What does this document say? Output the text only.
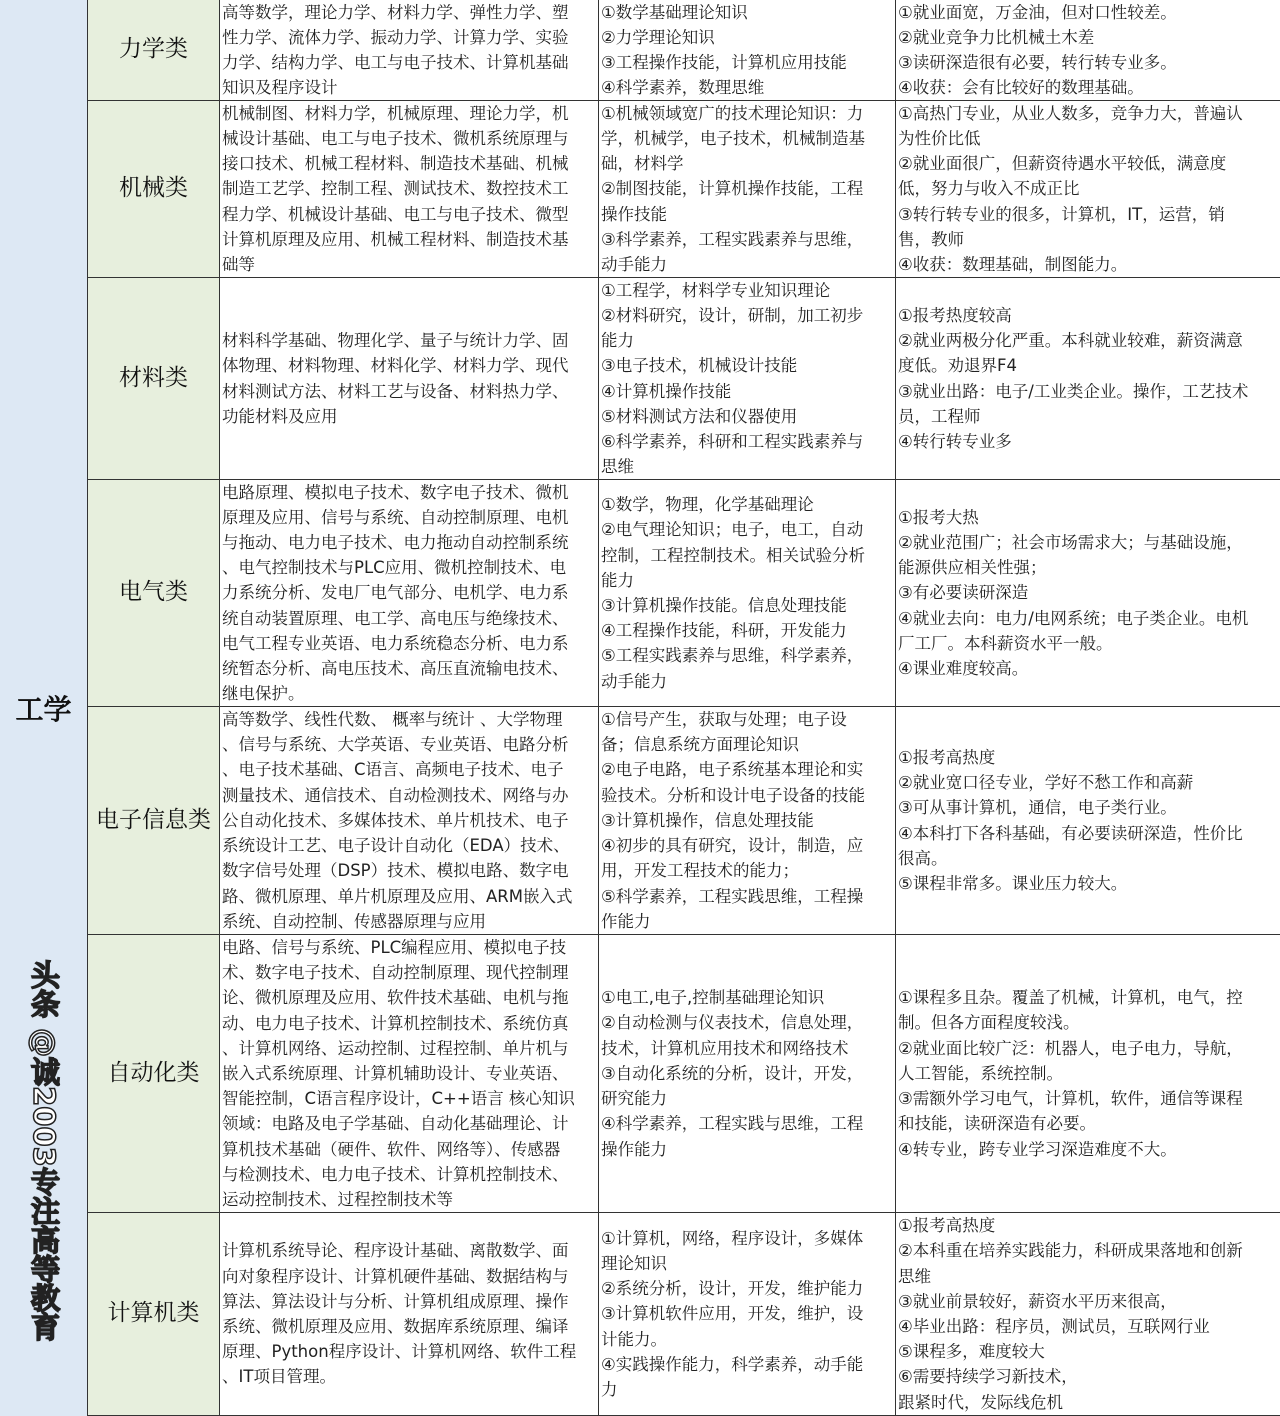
工学
力学类
高等数学，理论力学、材料力学、弹性力学、塑
性力学、流体力学、振动力学、计算力学、实验
力学、结构力学、电工与电子技术、计算机基础
知识及程序设计
①数学基础理论知识
②力学理论知识
③工程操作技能，计算机应用技能
④科学素养，数理思维
①就业面宽，万金油，但对口性较差。
②就业竞争力比机械土木差
③读研深造很有必要，转行转专业多。
④收获：会有比较好的数理基础。
机械类
机械制图、材料力学，机械原理、理论力学，机
械设计基础、电工与电子技术、微机系统原理与
接口技术、机械工程材料、制造技术基础、机械
制造工艺学、控制工程、测试技术、数控技术工
程力学、机械设计基础、电工与电子技术、微型
计算机原理及应用、机械工程材料、制造技术基
础等
①机械领域宽广的技术理论知识：力
学，机械学，电子技术，机械制造基
础，材料学
②制图技能，计算机操作技能，工程
操作技能
③科学素养，工程实践素养与思维，
动手能力
①高热门专业，从业人数多，竞争力大，普遍认
为性价比低
②就业面很广，但薪资待遇水平较低，满意度
低，努力与收入不成正比
③转行转专业的很多，计算机，IT，运营，销
售，教师
④收获：数理基础，制图能力。
材料类
材料科学基础、物理化学、量子与统计力学、固
体物理、材料物理、材料化学、材料力学、现代
材料测试方法、材料工艺与设备、材料热力学、
功能材料及应用
①工程学，材料学专业知识理论
②材料研究，设计，研制，加工初步
能力
③电子技术，机械设计技能
④计算机操作技能
⑤材料测试方法和仪器使用
⑥科学素养，科研和工程实践素养与
思维
①报考热度较高
②就业两极分化严重。本科就业较难，薪资满意
度低。劝退界F4
③就业出路：电子/工业类企业。操作，工艺技术
员，工程师
④转行转专业多
电气类
电路原理、模拟电子技术、数字电子技术、微机
原理及应用、信号与系统、自动控制原理、电机
与拖动、电力电子技术、电力拖动自动控制系统
、电气控制技术与PLC应用、微机控制技术、电
力系统分析、发电厂电气部分、电机学、电力系
统自动装置原理、电工学、高电压与绝缘技术、
电气工程专业英语、电力系统稳态分析、电力系
统暂态分析、高电压技术、高压直流输电技术、
继电保护。
①数学，物理，化学基础理论
②电气理论知识；电子，电工，自动
控制，工程控制技术。相关试验分析
能力
③计算机操作技能。信息处理技能
④工程操作技能，科研，开发能力
⑤工程实践素养与思维，科学素养，
动手能力
①报考大热
②就业范围广；社会市场需求大；与基础设施，
能源供应相关性强；
③有必要读研深造
④就业去向：电力/电网系统；电子类企业。电机
厂工厂。本科薪资水平一般。
④课业难度较高。
电子信息类
高等数学、线性代数、 概率与统计 、大学物理
、信号与系统、大学英语、专业英语、电路分析
、电子技术基础、C语言、高频电子技术、电子
测量技术、通信技术、自动检测技术、网络与办
公自动化技术、多媒体技术、单片机技术、电子
系统设计工艺、电子设计自动化（EDA）技术、
数字信号处理（DSP）技术、模拟电路、数字电
路、微机原理、单片机原理及应用、ARM嵌入式
系统、自动控制、传感器原理与应用
①信号产生，获取与处理；电子设
备；信息系统方面理论知识
②电子电路，电子系统基本理论和实
验技术。分析和设计电子设备的技能
③计算机操作，信息处理技能
④初步的具有研究，设计，制造，应
用，开发工程技术的能力；
⑤科学素养，工程实践思维，工程操
作能力
①报考高热度
②就业宽口径专业，学好不愁工作和高薪
③可从事计算机，通信，电子类行业。
④本科打下各科基础，有必要读研深造，性价比
很高。
⑤课程非常多。课业压力较大。
自动化类
电路、信号与系统、PLC编程应用、模拟电子技
术、数字电子技术、自动控制原理、现代控制理
论、微机原理及应用、软件技术基础、电机与拖
动、电力电子技术、计算机控制技术、系统仿真
、计算机网络、运动控制、过程控制、单片机与
嵌入式系统原理、计算机辅助设计、专业英语、
智能控制，C语言程序设计，C++语言 核心知识
领域：电路及电子学基础、自动化基础理论、计
算机技术基础（硬件、软件、网络等）、传感器
与检测技术、电力电子技术、计算机控制技术、
运动控制技术、过程控制技术等
①电工,电子,控制基础理论知识
②自动检测与仪表技术，信息处理，
技术，计算机应用技术和网络技术
③自动化系统的分析，设计，开发，
研究能力
④科学素养，工程实践与思维，工程
操作能力
①课程多且杂。覆盖了机械，计算机，电气，控
制。但各方面程度较浅。
②就业面比较广泛：机器人，电子电力，导航，
人工智能，系统控制。
③需额外学习电气，计算机，软件，通信等课程
和技能，读研深造有必要。
④转专业，跨专业学习深造难度不大。
计算机类
计算机系统导论、程序设计基础、离散数学、面
向对象程序设计、计算机硬件基础、数据结构与
算法、算法设计与分析、计算机组成原理、操作
系统、微机原理及应用、数据库系统原理、编译
原理、Python程序设计、计算机网络、软件工程
、IT项目管理。
①计算机，网络，程序设计，多媒体
理论知识
②系统分析，设计，开发，维护能力
③计算机软件应用，开发，维护，设
计能力。
④实践操作能力，科学素养，动手能
力
①报考高热度
②本科重在培养实践能力，科研成果落地和创新
思维
③就业前景较好，薪资水平历来很高，
④毕业出路：程序员，测试员，互联网行业
⑤课程多，难度较大
⑥需要持续学习新技术，
跟紧时代，发际线危机
头条 @诚2003专注高等教育
